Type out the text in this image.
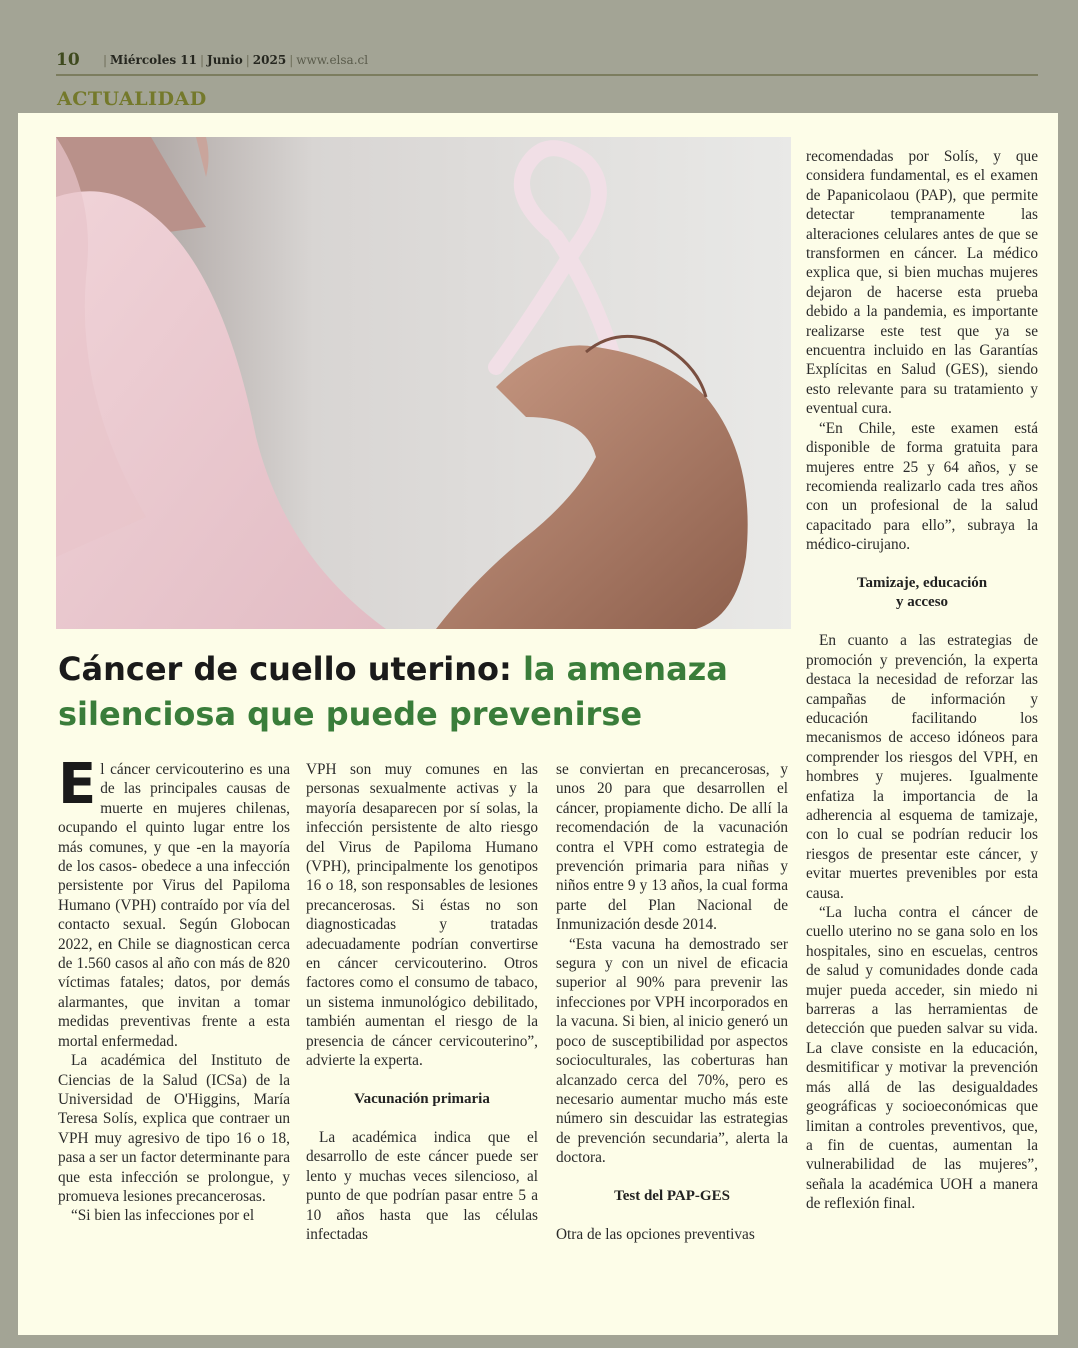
10 | Miércoles 11 | Junio | 2025 | www.elsa.cl
ACTUALIDAD
Cáncer de cuello uterino: la amenaza silenciosa que puede prevenirse

El cáncer cervicouterino es una de las principales causas de muerte en mujeres chilenas, ocupando el quinto lugar entre los más comunes, y que -en la mayoría de los casos- obedece a una infección persistente por Virus del Papiloma Humano (VPH) contraído por vía del contacto sexual. Según Globocan 2022, en Chile se diagnostican cerca de 1.560 casos al año con más de 820 víctimas fatales; datos, por demás alarmantes, que invitan a tomar medidas preventivas frente a esta mortal enfermedad.

La académica del Instituto de Ciencias de la Salud (ICSa) de la Universidad de O'Higgins, María Teresa Solís, explica que contraer un VPH muy agresivo de tipo 16 o 18, pasa a ser un factor determinante para que esta infección se prolongue, y promueva lesiones precancerosas.

“Si bien las infecciones por el

VPH son muy comunes en las personas sexualmente activas y la mayoría desaparecen por sí solas, la infección persistente de alto riesgo del Virus de Papiloma Humano (VPH), principalmente los genotipos 16 o 18, son responsables de lesiones precancerosas. Si éstas no son diagnosticadas y tratadas adecuadamente podrían convertirse en cáncer cervicouterino. Otros factores como el consumo de tabaco, un sistema inmunológico debilitado, también aumentan el riesgo de la presencia de cáncer cervicouterino”, advierte la experta.

Vacunación primaria

La académica indica que el desarrollo de este cáncer puede ser lento y muchas veces silencioso, al punto de que podrían pasar entre 5 a 10 años hasta que las células infectadas

se conviertan en precancerosas, y unos 20 para que desarrollen el cáncer, propiamente dicho. De allí la recomendación de la vacunación contra el VPH como estrategia de prevención primaria para niñas y niños entre 9 y 13 años, la cual forma parte del Plan Nacional de Inmunización desde 2014.

“Esta vacuna ha demostrado ser segura y con un nivel de eficacia superior al 90% para prevenir las infecciones por VPH incorporados en la vacuna. Si bien, al inicio generó un poco de susceptibilidad por aspectos socioculturales, las coberturas han alcanzado cerca del 70%, pero es necesario aumentar mucho más este número sin descuidar las estrategias de prevención secundaria”, alerta la doctora.

Test del PAP-GES

Otra de las opciones preventivas

recomendadas por Solís, y que considera fundamental, es el examen de Papanicolaou (PAP), que permite detectar tempranamente las alteraciones celulares antes de que se transformen en cáncer. La médico explica que, si bien muchas mujeres dejaron de hacerse esta prueba debido a la pandemia, es importante realizarse este test que ya se encuentra incluido en las Garantías Explícitas en Salud (GES), siendo esto relevante para su tratamiento y eventual cura.

“En Chile, este examen está disponible de forma gratuita para mujeres entre 25 y 64 años, y se recomienda realizarlo cada tres años con un profesional de la salud capacitado para ello”, subraya la médico-cirujano.

Tamizaje, educación
y acceso

En cuanto a las estrategias de promoción y prevención, la experta destaca la necesidad de reforzar las campañas de información y educación facilitando los mecanismos de acceso idóneos para comprender los riesgos del VPH, en hombres y mujeres. Igualmente enfatiza la importancia de la adherencia al esquema de tamizaje, con lo cual se podrían reducir los riesgos de presentar este cáncer, y evitar muertes prevenibles por esta causa.

“La lucha contra el cáncer de cuello uterino no se gana solo en los hospitales, sino en escuelas, centros de salud y comunidades donde cada mujer pueda acceder, sin miedo ni barreras a las herramientas de detección que pueden salvar su vida. La clave consiste en la educación, desmitificar y motivar la prevención más allá de las desigualdades geográficas y socioeconómicas que limitan a controles preventivos, que, a fin de cuentas, aumentan la vulnerabilidad de las mujeres”, señala la académica UOH a manera de reflexión final.
